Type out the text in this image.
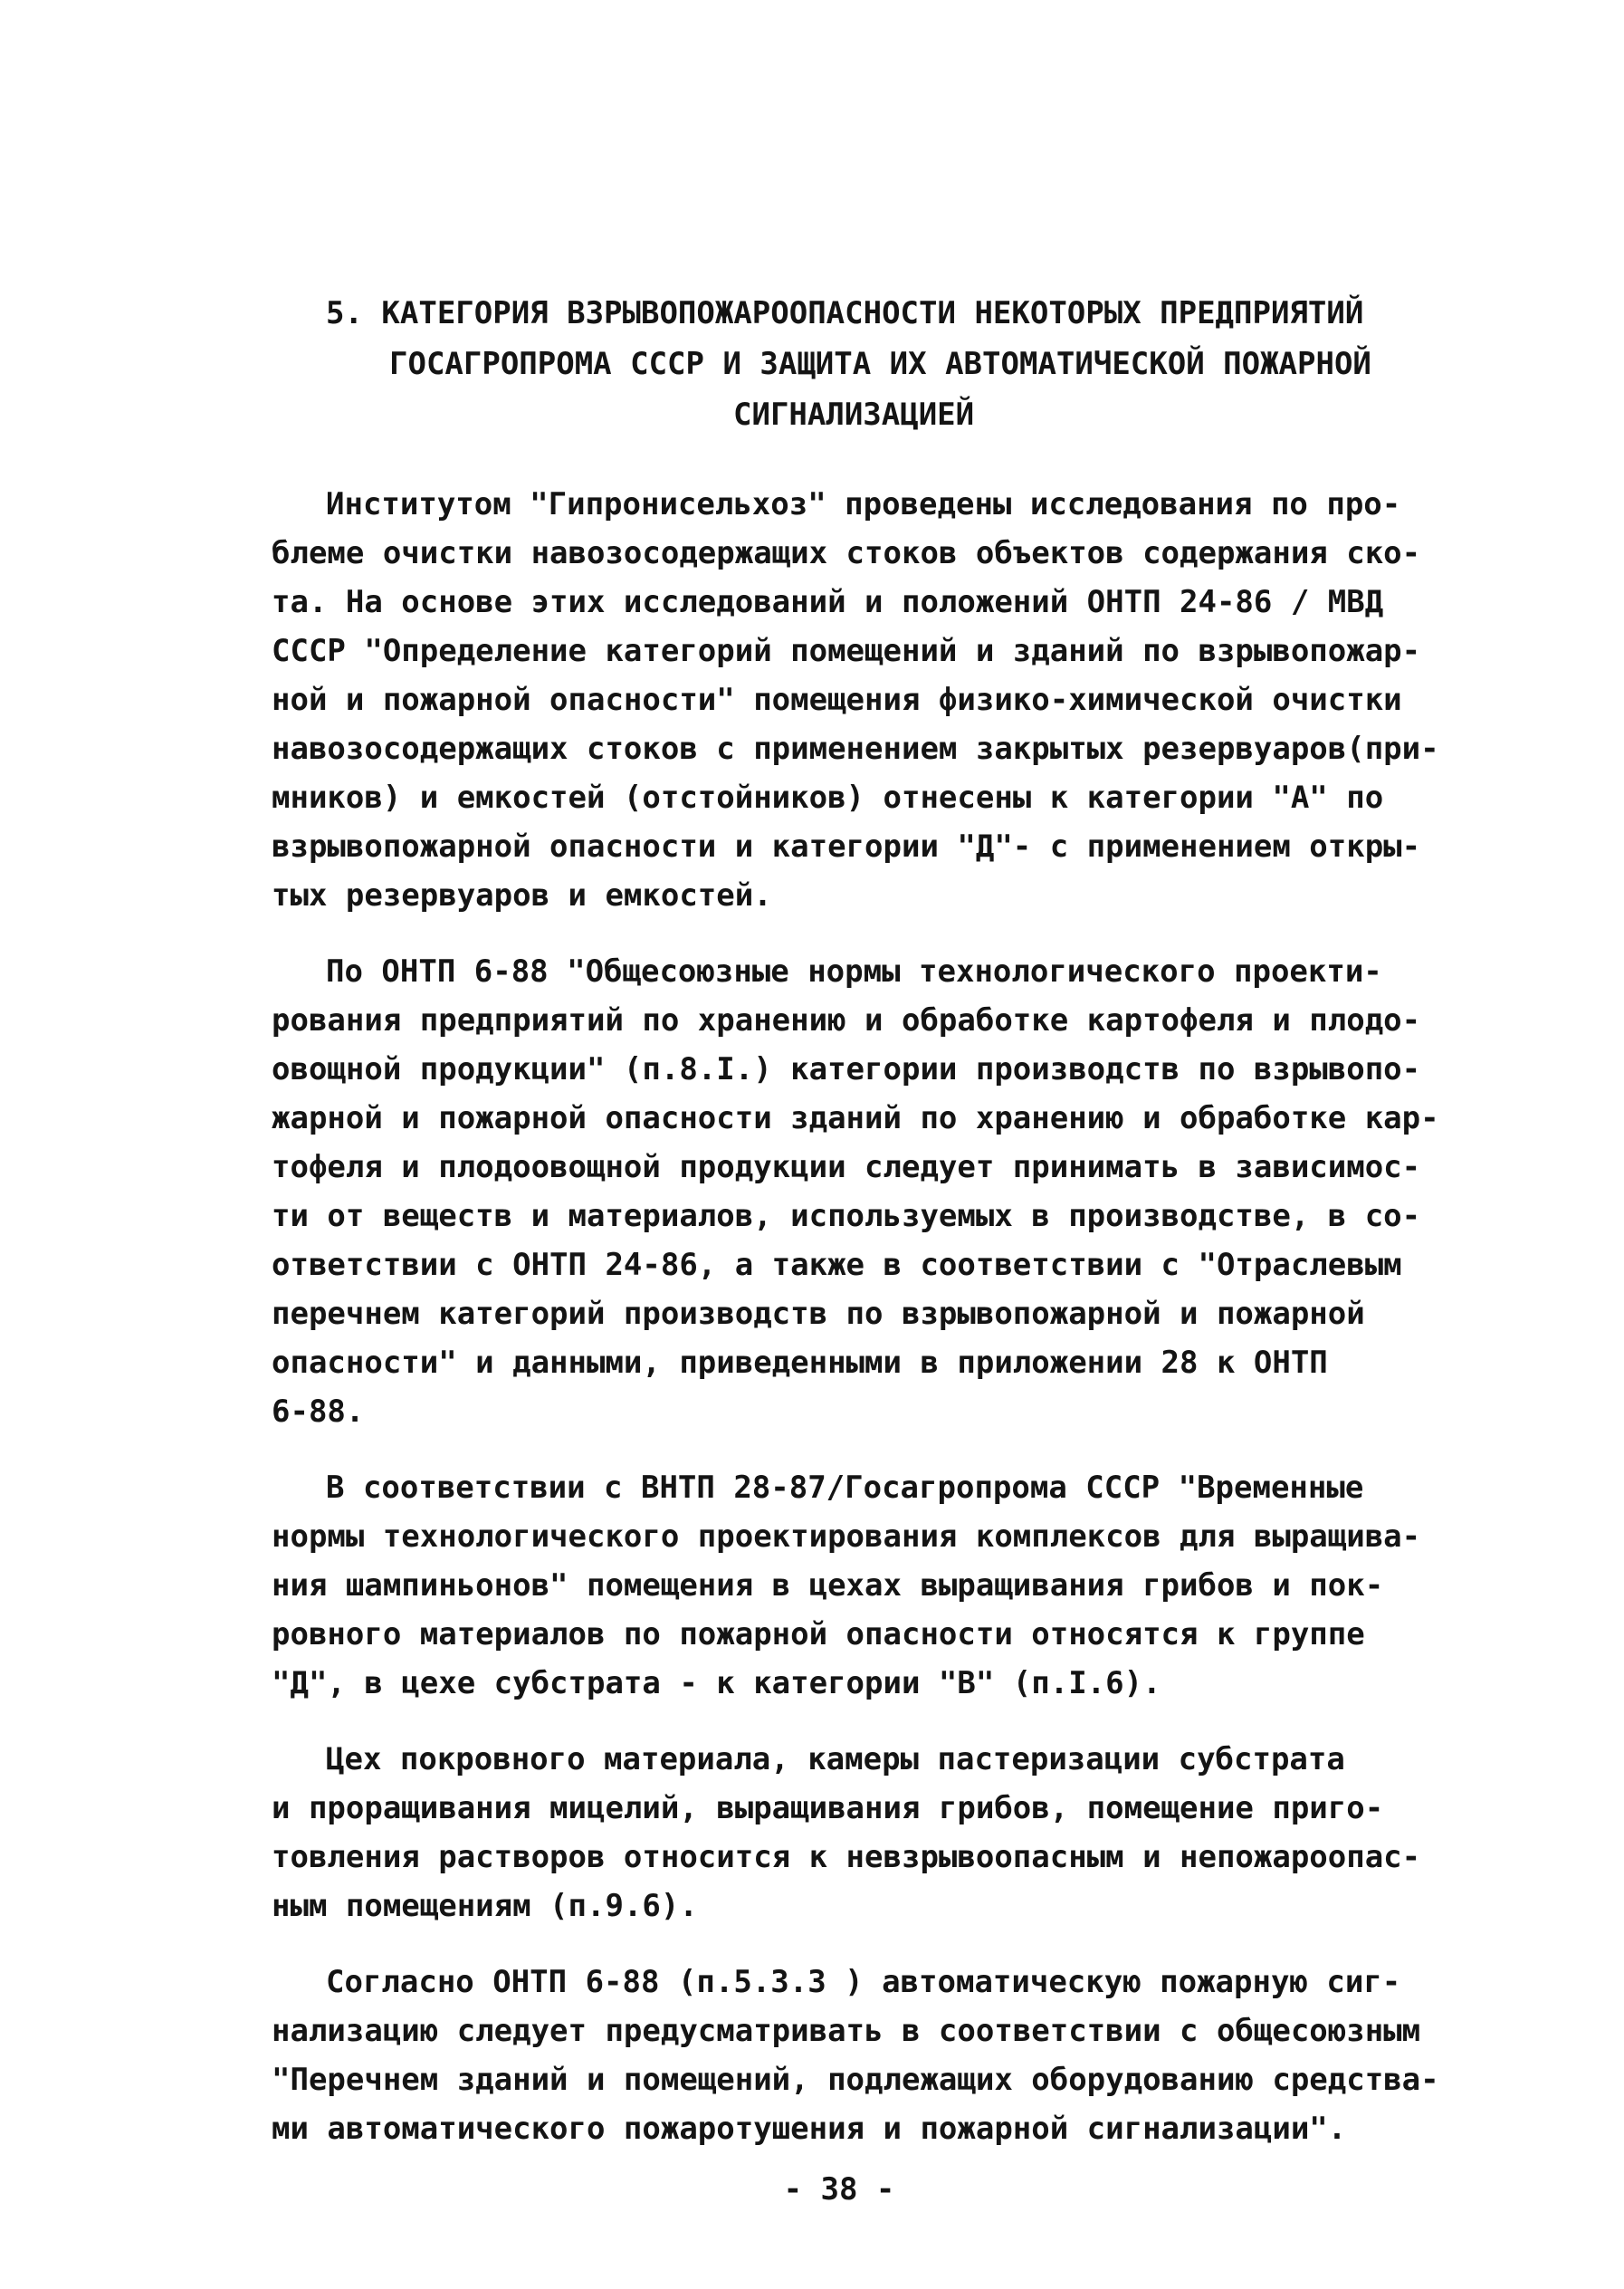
5. КАТЕГОРИЯ ВЗРЫВОПОЖАРООПАСНОСТИ НЕКОТОРЫХ ПРЕДПРИЯТИЙ
ГОСАГРОПРОМА СССР И ЗАЩИТА ИХ АВТОМАТИЧЕСКОЙ ПОЖАРНОЙ
СИГНАЛИЗАЦИЕЙ
Институтом "Гипронисельхоз" проведены исследования по про-
блеме очистки навозосодержащих стоков объектов содержания ско-
та. На основе этих исследований и положений ОНТП 24-86 / МВД
СССР "Определение категорий помещений и зданий по взрывопожар-
ной и пожарной опасности" помещения физико-химической очистки
навозосодержащих стоков с применением закрытых резервуаров(при-
мников) и емкостей (отстойников) отнесены к категории "А" по
взрывопожарной опасности и категории "Д"- с применением откры-
тых резервуаров и емкостей.
По ОНТП 6-88 "Общесоюзные нормы технологического проекти-
рования предприятий по хранению и обработке картофеля и плодо-
овощной продукции" (п.8.I.) категории производств по взрывопо-
жарной и пожарной опасности зданий по хранению и обработке кар-
тофеля и плодоовощной продукции следует принимать в зависимос-
ти от веществ и материалов, используемых в производстве, в со-
ответствии с ОНТП 24-86, а также в соответствии с "Отраслевым
перечнем категорий производств по взрывопожарной и пожарной
опасности" и данными, приведенными в приложении 28 к ОНТП
6-88.
В соответствии с ВНТП 28-87/Госагропрома СССР "Временные
нормы технологического проектирования комплексов для выращива-
ния шампиньонов" помещения в цехах выращивания грибов и пок-
ровного материалов по пожарной опасности относятся к группе
"Д", в цехе субстрата - к категории "В" (п.I.6).
Цех покровного материала, камеры пастеризации субстрата
и проращивания мицелий, выращивания грибов, помещение приго-
товления растворов относится к невзрывоопасным и непожароопас-
ным помещениям (п.9.6).
Согласно ОНТП 6-88 (п.5.3.3 ) автоматическую пожарную сиг-
нализацию следует предусматривать в соответствии с общесоюзным
"Перечнем зданий и помещений, подлежащих оборудованию средства-
ми автоматического пожаротушения и пожарной сигнализации".
- 38 -
